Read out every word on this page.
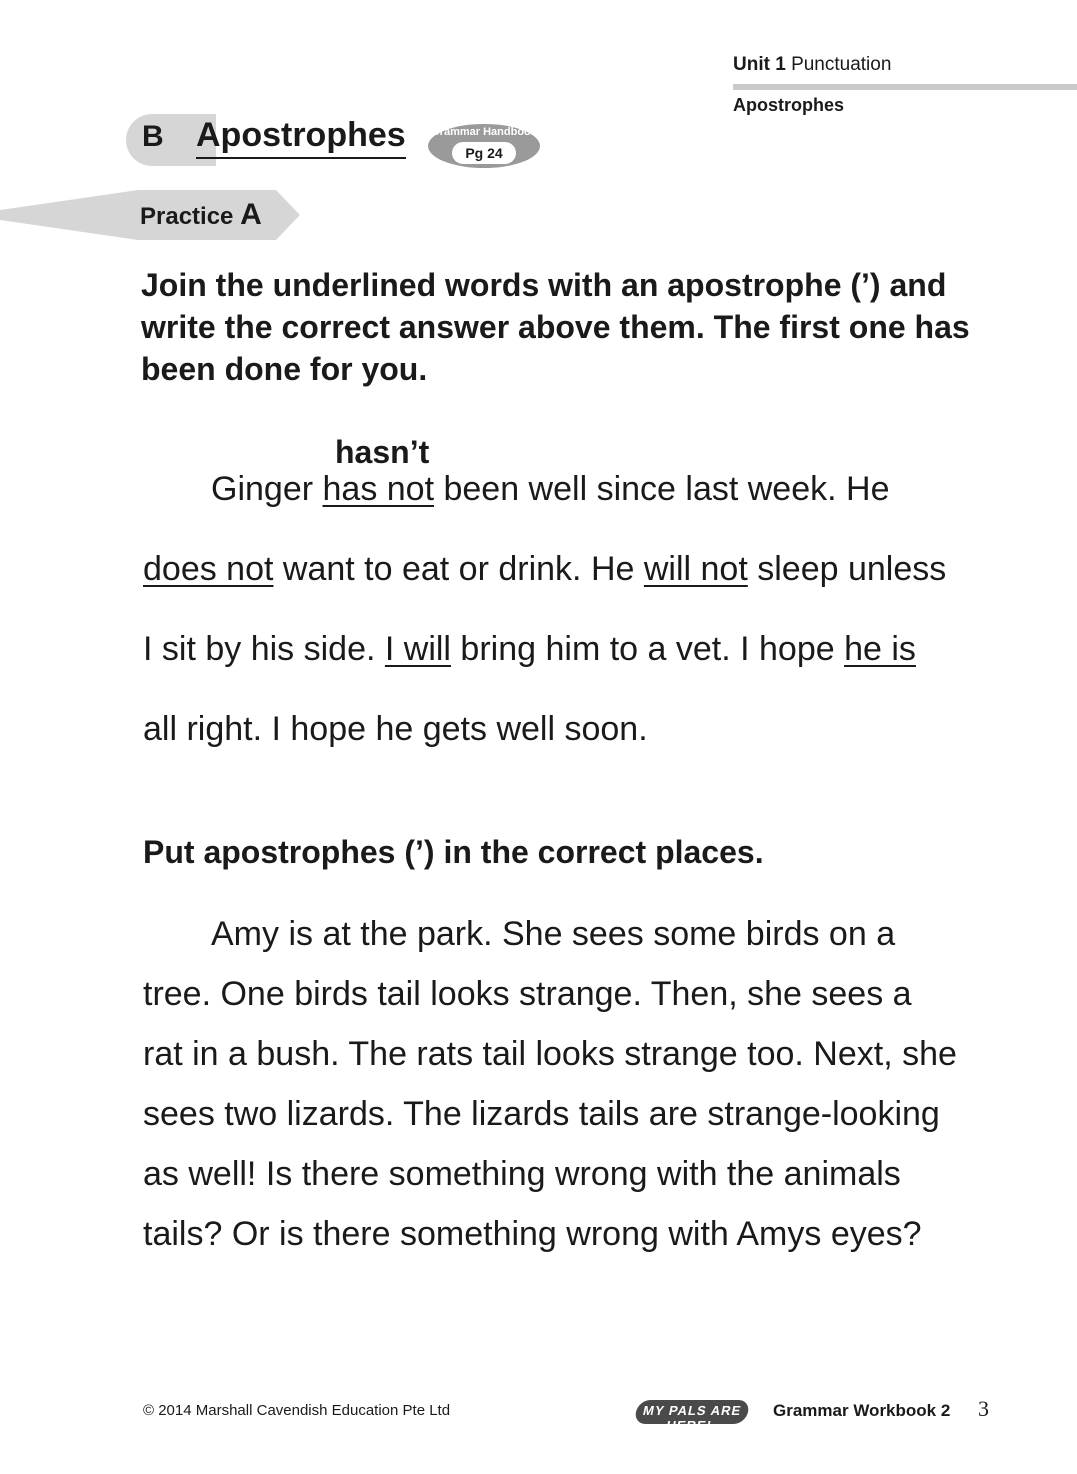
Unit 1 Punctuation
Apostrophes
B Apostrophes Grammar Handbook
Pg 24
Practice A
Join the underlined words with an apostrophe (’) and write the correct answer above them. The first one has been done for you.
hasn’t
Ginger has not been well since last week. He
does not want to eat or drink. He will not sleep unless
I sit by his side. I will bring him to a vet. I hope he is
all right. I hope he gets well soon.
Put apostrophes (’) in the correct places.
Amy is at the park. She sees some birds on a
tree. One birds tail looks strange. Then, she sees a
rat in a bush. The rats tail looks strange too. Next, she
sees two lizards. The lizards tails are strange-looking
as well! Is there something wrong with the animals
tails? Or is there something wrong with Amys eyes?
© 2014 Marshall Cavendish Education Pte Ltd	MY PALS ARE HERE!
Grammar Workbook 2 3
